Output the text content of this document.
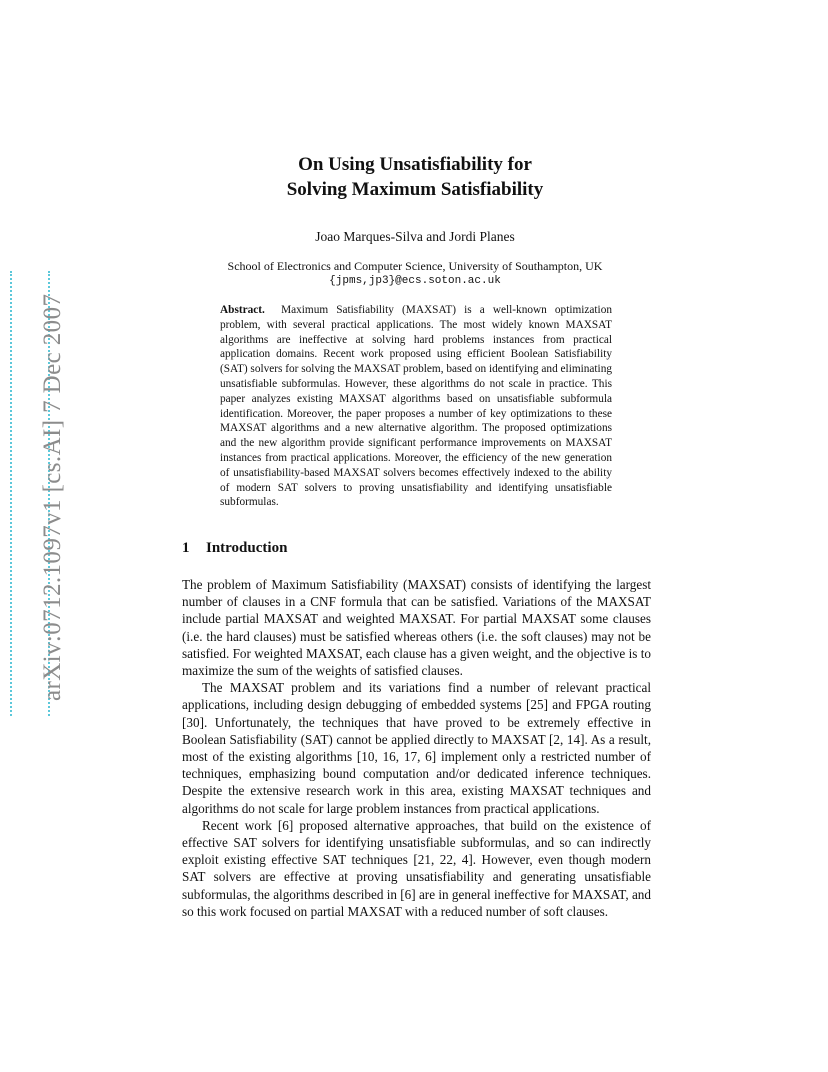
arXiv:0712.1097v1 [cs.AI] 7 Dec 2007
On Using Unsatisfiability for
Solving Maximum Satisfiability

Joao Marques-Silva and Jordi Planes

School of Electronics and Computer Science, University of Southampton, UK

{jpms,jp3}@ecs.soton.ac.uk

Abstract. Maximum Satisfiability (MAXSAT) is a well-known optimization problem, with several practical applications. The most widely known MAXSAT algorithms are ineffective at solving hard problems instances from practical application domains. Recent work proposed using efficient Boolean Satisfiability (SAT) solvers for solving the MAXSAT problem, based on identifying and eliminating unsatisfiable subformulas. However, these algorithms do not scale in practice. This paper analyzes existing MAXSAT algorithms based on unsatisfiable subformula identification. Moreover, the paper proposes a number of key optimizations to these MAXSAT algorithms and a new alternative algorithm. The proposed optimizations and the new algorithm provide significant performance improvements on MAXSAT instances from practical applications. Moreover, the efficiency of the new generation of unsatisfiability-based MAXSAT solvers becomes effectively indexed to the ability of modern SAT solvers to proving unsatisfiability and identifying unsatisfiable subformulas.

1 Introduction

The problem of Maximum Satisfiability (MAXSAT) consists of identifying the largest number of clauses in a CNF formula that can be satisfied. Variations of the MAXSAT include partial MAXSAT and weighted MAXSAT. For partial MAXSAT some clauses (i.e. the hard clauses) must be satisfied whereas others (i.e. the soft clauses) may not be satisfied. For weighted MAXSAT, each clause has a given weight, and the objective is to maximize the sum of the weights of satisfied clauses.

The MAXSAT problem and its variations find a number of relevant practical applications, including design debugging of embedded systems [25] and FPGA routing [30]. Unfortunately, the techniques that have proved to be extremely effective in Boolean Satisfiability (SAT) cannot be applied directly to MAXSAT [2, 14]. As a result, most of the existing algorithms [10, 16, 17, 6] implement only a restricted number of techniques, emphasizing bound computation and/or dedicated inference techniques. Despite the extensive research work in this area, existing MAXSAT techniques and algorithms do not scale for large problem instances from practical applications.

Recent work [6] proposed alternative approaches, that build on the existence of effective SAT solvers for identifying unsatisfiable subformulas, and so can indirectly exploit existing effective SAT techniques [21, 22, 4]. However, even though modern SAT solvers are effective at proving unsatisfiability and generating unsatisfiable subformulas, the algorithms described in [6] are in general ineffective for MAXSAT, and so this work focused on partial MAXSAT with a reduced number of soft clauses.
